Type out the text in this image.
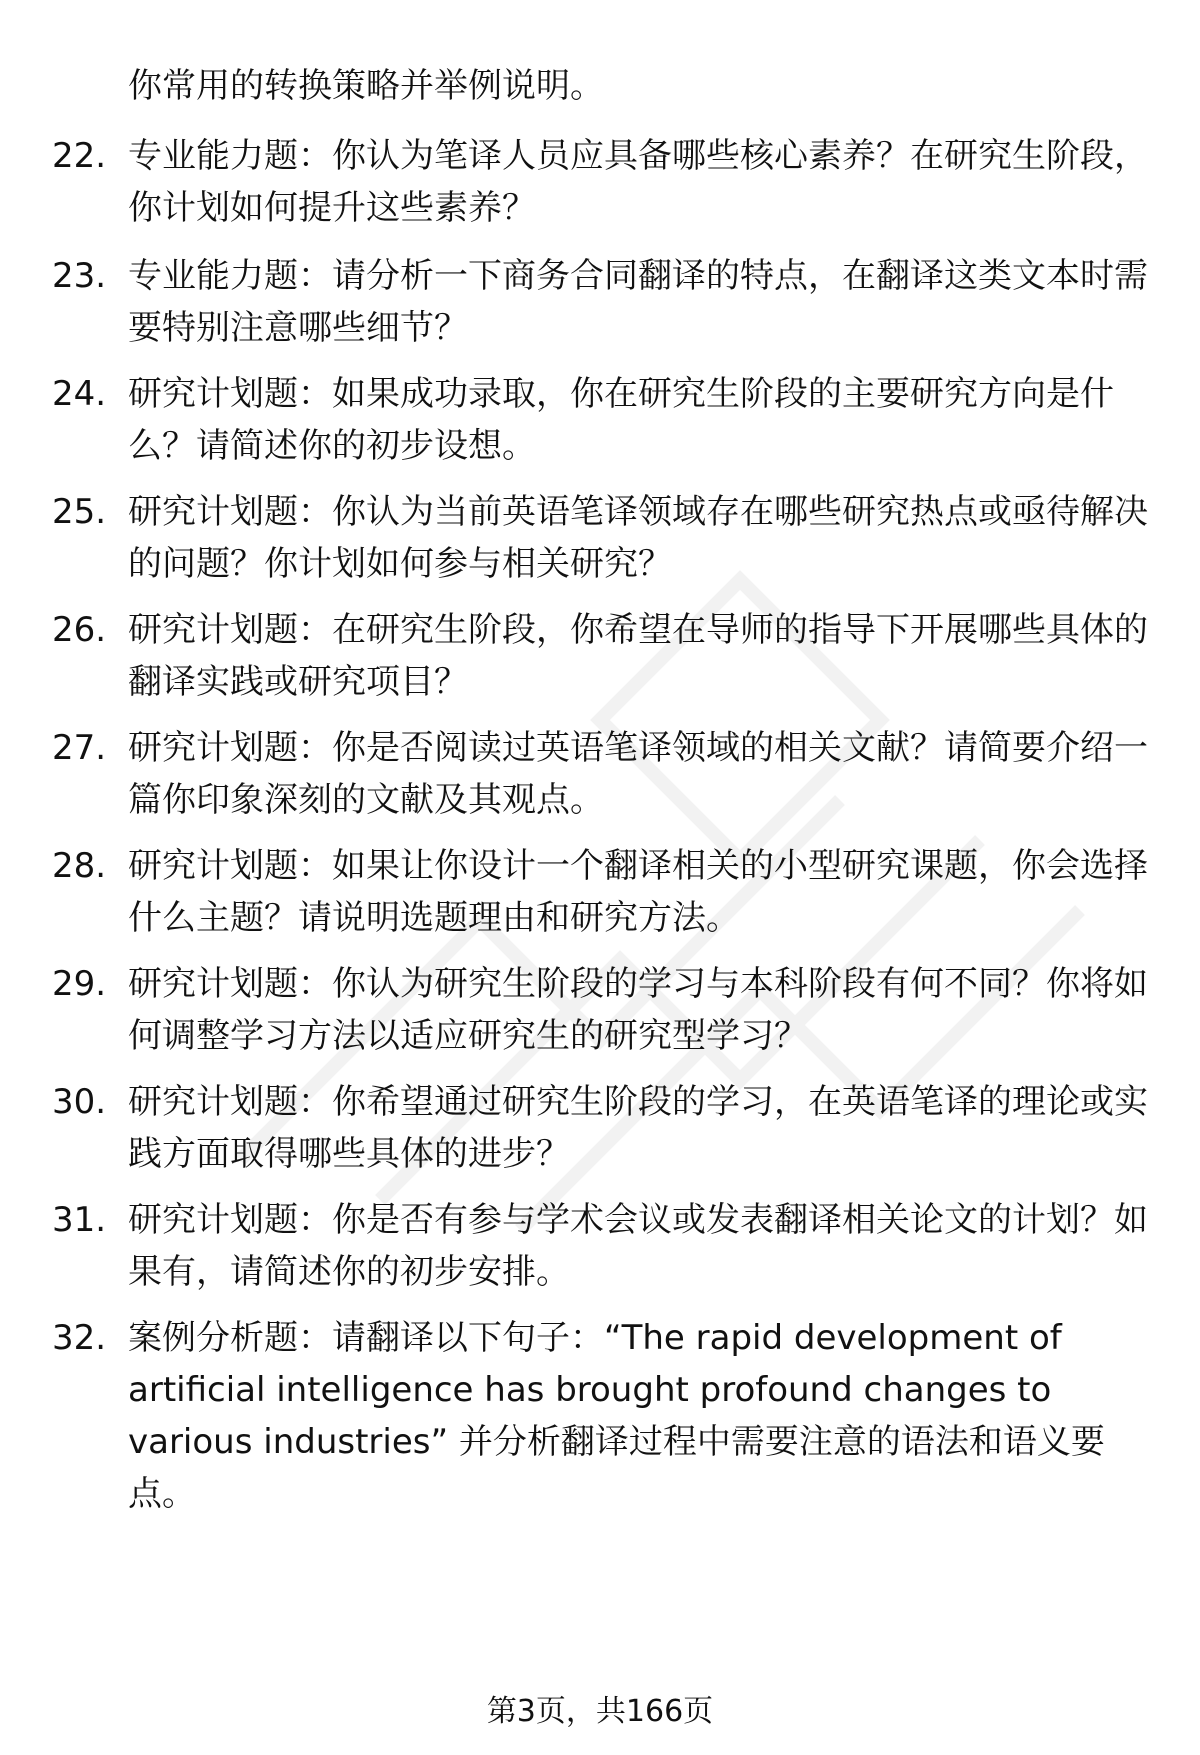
你常用的转换策略并举例说明。
22. 专业能力题：你认为笔译人员应具备哪些核心素养？在研究生阶段，你计划如何提升这些素养？
23. 专业能力题：请分析一下商务合同翻译的特点，在翻译这类文本时需要特别注意哪些细节？
24. 研究计划题：如果成功录取，你在研究生阶段的主要研究方向是什么？请简述你的初步设想。
25. 研究计划题：你认为当前英语笔译领域存在哪些研究热点或亟待解决的问题？你计划如何参与相关研究？
26. 研究计划题：在研究生阶段，你希望在导师的指导下开展哪些具体的翻译实践或研究项目？
27. 研究计划题：你是否阅读过英语笔译领域的相关文献？请简要介绍一篇你印象深刻的文献及其观点。
28. 研究计划题：如果让你设计一个翻译相关的小型研究课题，你会选择什么主题？请说明选题理由和研究方法。
29. 研究计划题：你认为研究生阶段的学习与本科阶段有何不同？你将如何调整学习方法以适应研究生的研究型学习？
30. 研究计划题：你希望通过研究生阶段的学习，在英语笔译的理论或实践方面取得哪些具体的进步？
31. 研究计划题：你是否有参与学术会议或发表翻译相关论文的计划？如果有，请简述你的初步安排。
32. 案例分析题：请翻译以下句子：“The rapid development of artificial intelligence has brought profound changes to various industries” 并分析翻译过程中需要注意的语法和语义要点。
第3页，共166页
